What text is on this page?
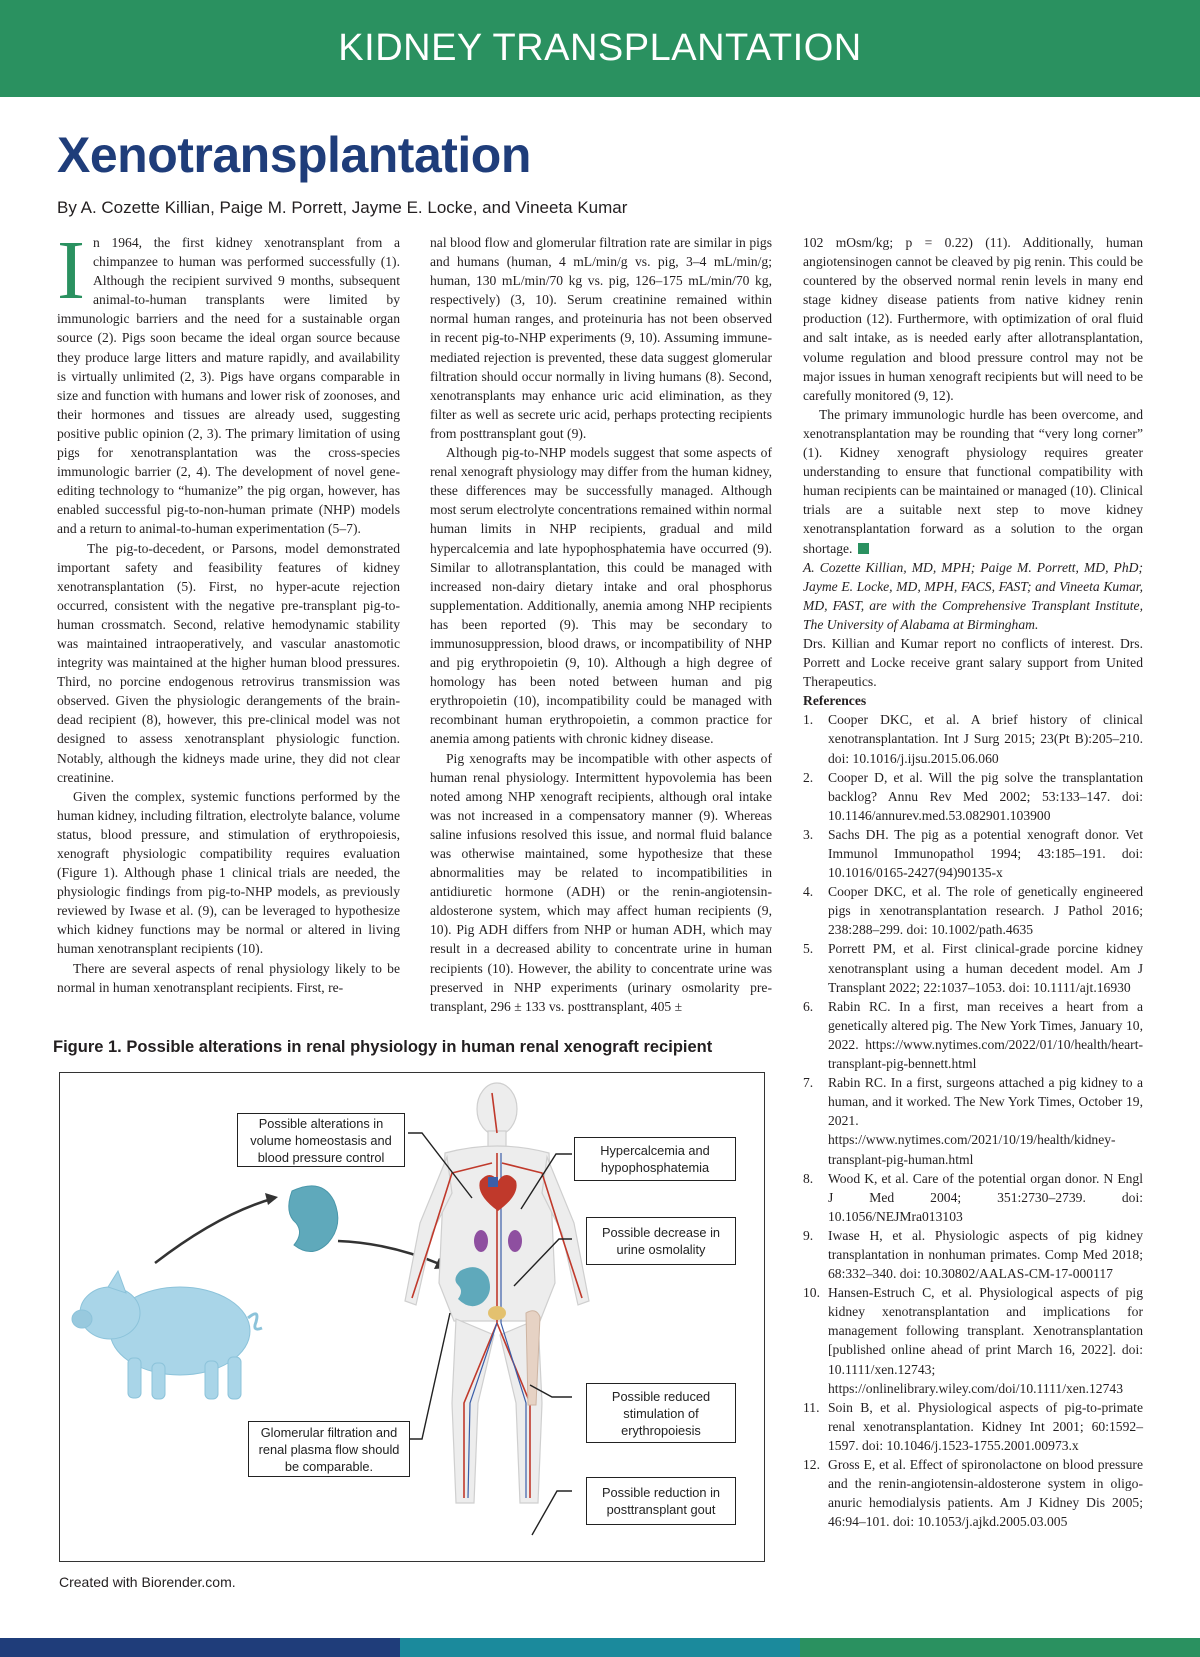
KIDNEY TRANSPLANTATION
Xenotransplantation
By A. Cozette Killian, Paige M. Porrett, Jayme E. Locke, and Vineeta Kumar

In 1964, the first kidney xenotransplant from a chimpanzee to human was performed successfully (1). Although the recipient survived 9 months, subsequent animal-to-human transplants were limited by immunologic barriers and the need for a sustainable organ source (2). Pigs soon became the ideal organ source because they produce large litters and mature rapidly, and availability is virtually unlimited (2, 3). Pigs have organs comparable in size and function with humans and lower risk of zoonoses, and their hormones and tissues are already used, suggesting positive public opinion (2, 3). The primary limitation of using pigs for xenotransplantation was the cross-species immunologic barrier (2, 4). The development of novel gene-editing technology to “humanize” the pig organ, however, has enabled successful pig-to-non-human primate (NHP) models and a return to animal-to-human experimentation (5–7).

The pig-to-decedent, or Parsons, model demonstrated important safety and feasibility features of kidney xenotransplantation (5). First, no hyper-acute rejection occurred, consistent with the negative pre-transplant pig-to-human crossmatch. Second, relative hemodynamic stability was maintained intraoperatively, and vascular anastomotic integrity was maintained at the higher human blood pressures. Third, no porcine endogenous retrovirus transmission was observed. Given the physiologic derangements of the brain-dead recipient (8), however, this pre-clinical model was not designed to assess xenotransplant physiologic function. Notably, although the kidneys made urine, they did not clear creatinine.

Given the complex, systemic functions performed by the human kidney, including filtration, electrolyte balance, volume status, blood pressure, and stimulation of erythropoiesis, xenograft physiologic compatibility requires evaluation (Figure 1). Although phase 1 clinical trials are needed, the physiologic findings from pig-to-NHP models, as previously reviewed by Iwase et al. (9), can be leveraged to hypothesize which kidney functions may be normal or altered in living human xenotransplant recipients (10).

There are several aspects of renal physiology likely to be normal in human xenotransplant recipients. First, re-

nal blood flow and glomerular filtration rate are similar in pigs and humans (human, 4 mL/min/g vs. pig, 3–4 mL/min/g; human, 130 mL/min/70 kg vs. pig, 126–175 mL/min/70 kg, respectively) (3, 10). Serum creatinine remained within normal human ranges, and proteinuria has not been observed in recent pig-to-NHP experiments (9, 10). Assuming immune-mediated rejection is prevented, these data suggest glomerular filtration should occur normally in living humans (8). Second, xenotransplants may enhance uric acid elimination, as they filter as well as secrete uric acid, perhaps protecting recipients from posttransplant gout (9).

Although pig-to-NHP models suggest that some aspects of renal xenograft physiology may differ from the human kidney, these differences may be successfully managed. Although most serum electrolyte concentrations remained within normal human limits in NHP recipients, gradual and mild hypercalcemia and late hypophosphatemia have occurred (9). Similar to allotransplantation, this could be managed with increased non-dairy dietary intake and oral phosphorus supplementation. Additionally, anemia among NHP recipients has been reported (9). This may be secondary to immunosuppression, blood draws, or incompatibility of NHP and pig erythropoietin (9, 10). Although a high degree of homology has been noted between human and pig erythropoietin (10), incompatibility could be managed with recombinant human erythropoietin, a common practice for anemia among patients with chronic kidney disease.

Pig xenografts may be incompatible with other aspects of human renal physiology. Intermittent hypovolemia has been noted among NHP xenograft recipients, although oral intake was not increased in a compensatory manner (9). Whereas saline infusions resolved this issue, and normal fluid balance was otherwise maintained, some hypothesize that these abnormalities may be related to incompatibilities in antidiuretic hormone (ADH) or the renin-angiotensin-aldosterone system, which may affect human recipients (9, 10). Pig ADH differs from NHP or human ADH, which may result in a decreased ability to concentrate urine in human recipients (10). However, the ability to concentrate urine was preserved in NHP experiments (urinary osmolarity pre-transplant, 296 ± 133 vs. posttransplant, 405 ±

102 mOsm/kg; p = 0.22) (11). Additionally, human angiotensinogen cannot be cleaved by pig renin. This could be countered by the observed normal renin levels in many end stage kidney disease patients from native kidney renin production (12). Furthermore, with optimization of oral fluid and salt intake, as is needed early after allotransplantation, volume regulation and blood pressure control may not be major issues in human xenograft recipients but will need to be carefully monitored (9, 12).

The primary immunologic hurdle has been overcome, and xenotransplantation may be rounding that “very long corner” (1). Kidney xenograft physiology requires greater understanding to ensure that functional compatibility with human recipients can be maintained or managed (10). Clinical trials are a suitable next step to move kidney xenotransplantation forward as a solution to the organ shortage.

A. Cozette Killian, MD, MPH; Paige M. Porrett, MD, PhD; Jayme E. Locke, MD, MPH, FACS, FAST; and Vineeta Kumar, MD, FAST, are with the Comprehensive Transplant Institute, The University of Alabama at Birmingham.

Drs. Killian and Kumar report no conflicts of interest. Drs. Porrett and Locke receive grant salary support from United Therapeutics.

References

1. Cooper DKC, et al. A brief history of clinical xenotransplantation. Int J Surg 2015; 23(Pt B):205–210. doi: 10.1016/j.ijsu.2015.06.060
2. Cooper D, et al. Will the pig solve the transplantation backlog? Annu Rev Med 2002; 53:133–147. doi: 10.1146/annurev.med.53.082901.103900
3. Sachs DH. The pig as a potential xenograft donor. Vet Immunol Immunopathol 1994; 43:185–191. doi: 10.1016/0165-2427(94)90135-x
4. Cooper DKC, et al. The role of genetically engineered pigs in xenotransplantation research. J Pathol 2016; 238:288–299. doi: 10.1002/path.4635
5. Porrett PM, et al. First clinical-grade porcine kidney xenotransplant using a human decedent model. Am J Transplant 2022; 22:1037–1053. doi: 10.1111/ajt.16930
6. Rabin RC. In a first, man receives a heart from a genetically altered pig. The New York Times, January 10, 2022. https://www.nytimes.com/2022/01/10/health/heart-transplant-pig-bennett.html
7. Rabin RC. In a first, surgeons attached a pig kidney to a human, and it worked. The New York Times, October 19, 2021. https://www.nytimes.com/2021/10/19/health/kidney-transplant-pig-human.html
8. Wood K, et al. Care of the potential organ donor. N Engl J Med 2004; 351:2730–2739. doi: 10.1056/NEJMra013103
9. Iwase H, et al. Physiologic aspects of pig kidney transplantation in nonhuman primates. Comp Med 2018; 68:332–340. doi: 10.30802/AALAS-CM-17-000117
10. Hansen-Estruch C, et al. Physiological aspects of pig kidney xenotransplantation and implications for management following transplant. Xenotransplantation [published online ahead of print March 16, 2022]. doi: 10.1111/xen.12743; https://onlinelibrary.wiley.com/doi/10.1111/xen.12743
11. Soin B, et al. Physiological aspects of pig-to-primate renal xenotransplantation. Kidney Int 2001; 60:1592–1597. doi: 10.1046/j.1523-1755.2001.00973.x
12. Gross E, et al. Effect of spironolactone on blood pressure and the renin-angiotensin-aldosterone system in oligo-anuric hemodialysis patients. Am J Kidney Dis 2005; 46:94–101. doi: 10.1053/j.ajkd.2005.03.005
Figure 1. Possible alterations in renal physiology in human renal xenograft recipient
Possible alterations in volume homeostasis and blood pressure control	Hypercalcemia and hypophosphatemia
Possible decrease in urine osmolality
Possible reduced stimulation of erythropoiesis
Glomerular filtration and renal plasma flow should be comparable.
Possible reduction in posttransplant gout
Created with Biorender.com.
